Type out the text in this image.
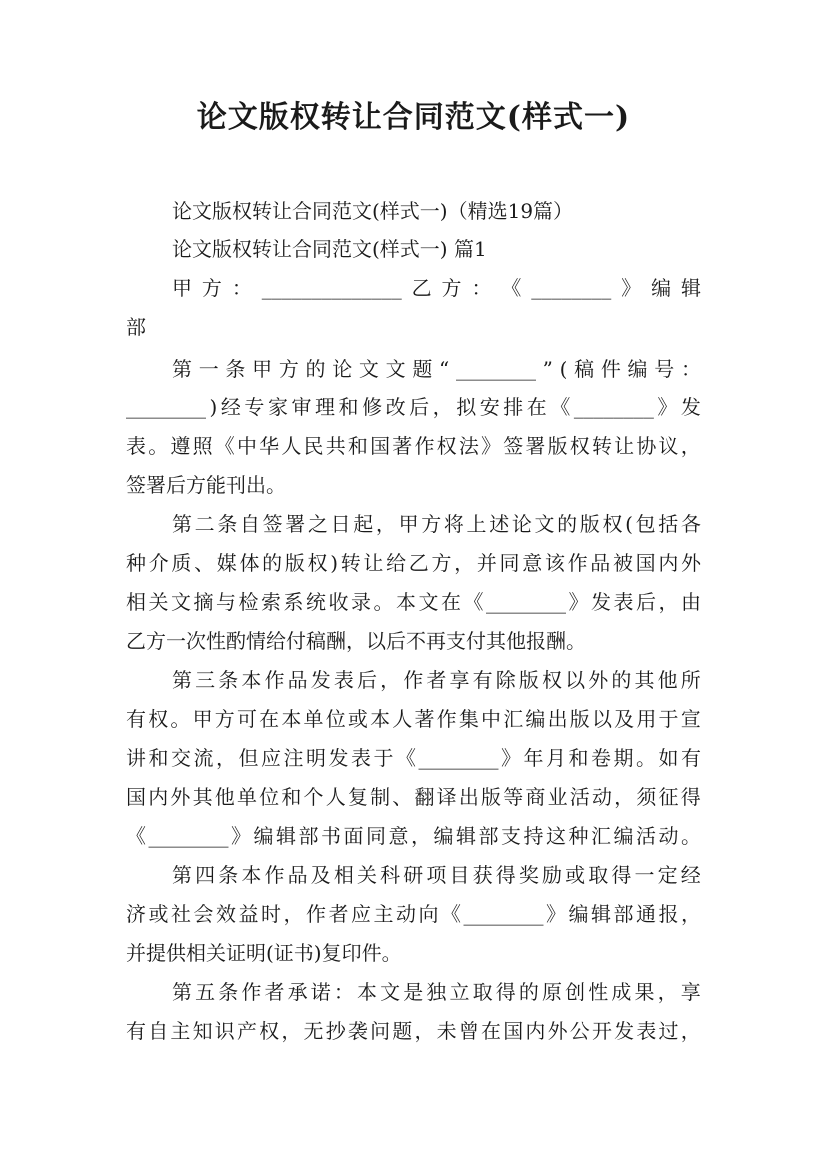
论文版权转让合同范文(样式一)
论文版权转让合同范文(样式一)（精选19篇）
论文版权转让合同范文(样式一) 篇1
甲 方 ： ______________ 乙 方 ： 《 ________ 》 编 辑
部
第 一 条 甲 方 的 论 文 文 题 “ ________ ” ( 稿 件 编 号 ：
________ ) 经 专 家 审 理 和 修 改 后 ， 拟 安 排 在 《 ________ 》 发
表 。 遵 照 《 中 华 人 民 共 和 国 著 作 权 法 》 签 署 版 权 转 让 协 议 ，
签署后方能刊出。
第 二 条 自 签 署 之 日 起 ， 甲 方 将 上 述 论 文 的 版 权 ( 包 括 各
种 介 质 、 媒 体 的 版 权 ) 转 让 给 乙 方 ， 并 同 意 该 作 品 被 国 内 外
相 关 文 摘 与 检 索 系 统 收 录 。 本 文 在 《 ________ 》 发 表 后 ， 由
乙方一次性酌情给付稿酬，以后不再支付其他报酬。
第 三 条 本 作 品 发 表 后 ， 作 者 享 有 除 版 权 以 外 的 其 他 所
有 权 。 甲 方 可 在 本 单 位 或 本 人 著 作 集 中 汇 编 出 版 以 及 用 于 宣
讲 和 交 流 ， 但 应 注 明 发 表 于 《 ________ 》 年 月 和 卷 期 。 如 有
国 内 外 其 他 单 位 和 个 人 复 制 、 翻 译 出 版 等 商 业 活 动 ， 须 征 得
《 ________ 》 编 辑 部 书 面 同 意 ， 编 辑 部 支 持 这 种 汇 编 活 动 。
第 四 条 本 作 品 及 相 关 科 研 项 目 获 得 奖 励 或 取 得 一 定 经
济 或 社 会 效 益 时 ， 作 者 应 主 动 向 《 ________ 》 编 辑 部 通 报 ，
并提供相关证明(证书)复印件。
第 五 条 作 者 承 诺 ： 本 文 是 独 立 取 得 的 原 创 性 成 果 ， 享
有 自 主 知 识 产 权 ， 无 抄 袭 问 题 ， 未 曾 在 国 内 外 公 开 发 表 过 ，
